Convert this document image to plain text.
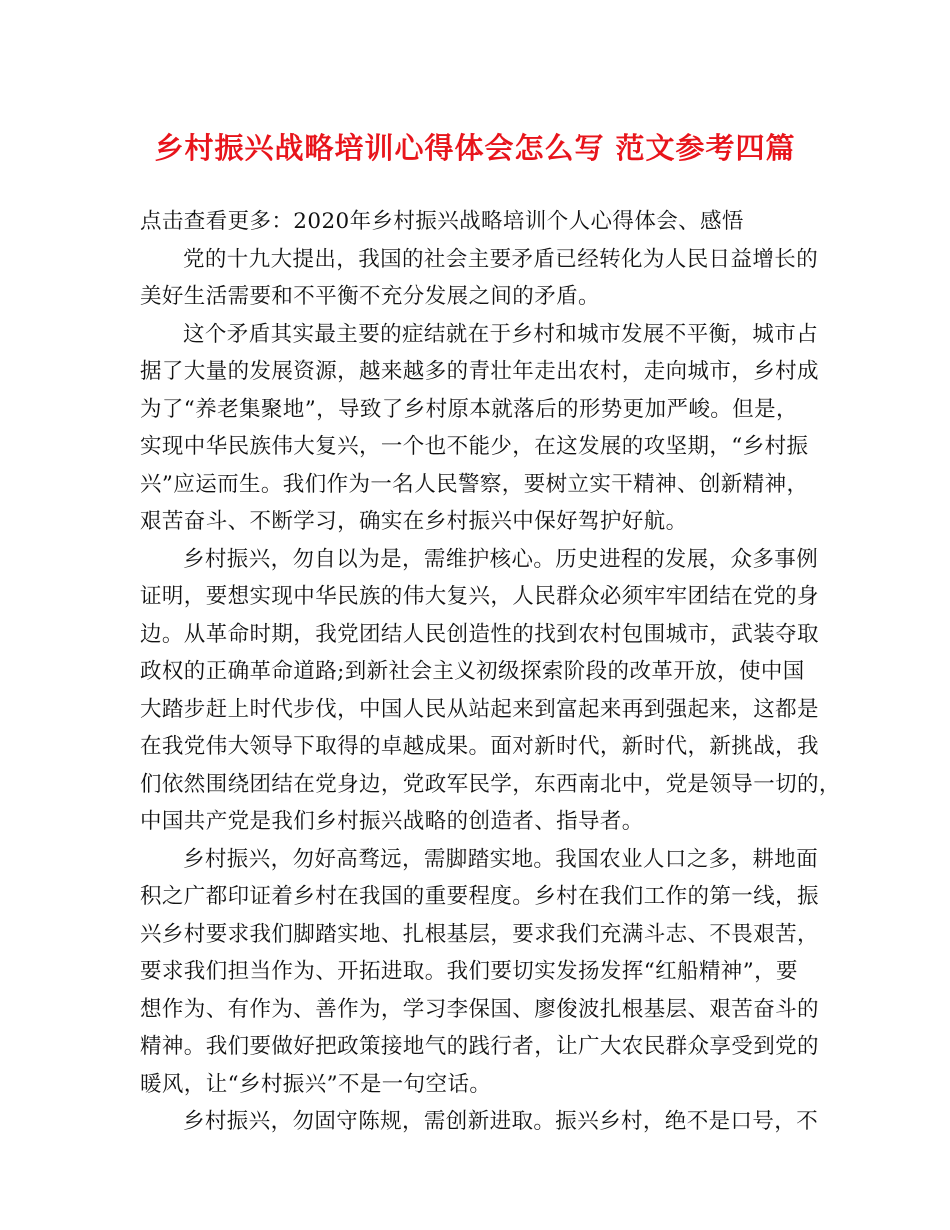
乡村振兴战略培训心得体会怎么写 范文参考四篇
点击查看更多：2020年乡村振兴战略培训个人心得体会、感悟
党的十九大提出，我国的社会主要矛盾已经转化为人民日益增长的
美好生活需要和不平衡不充分发展之间的矛盾。
这个矛盾其实最主要的症结就在于乡村和城市发展不平衡，城市占
据了大量的发展资源，越来越多的青壮年走出农村，走向城市，乡村成
为了“养老集聚地”，导致了乡村原本就落后的形势更加严峻。但是，
实现中华民族伟大复兴，一个也不能少，在这发展的攻坚期，“乡村振
兴”应运而生。我们作为一名人民警察，要树立实干精神、创新精神，
艰苦奋斗、不断学习，确实在乡村振兴中保好驾护好航。
乡村振兴，勿自以为是，需维护核心。历史进程的发展，众多事例
证明，要想实现中华民族的伟大复兴，人民群众必须牢牢团结在党的身
边。从革命时期，我党团结人民创造性的找到农村包围城市，武装夺取
政权的正确革命道路;到新社会主义初级探索阶段的改革开放，使中国
大踏步赶上时代步伐，中国人民从站起来到富起来再到强起来，这都是
在我党伟大领导下取得的卓越成果。面对新时代，新时代，新挑战，我
们依然围绕团结在党身边，党政军民学，东西南北中，党是领导一切的，
中国共产党是我们乡村振兴战略的创造者、指导者。
乡村振兴，勿好高骛远，需脚踏实地。我国农业人口之多，耕地面
积之广都印证着乡村在我国的重要程度。乡村在我们工作的第一线，振
兴乡村要求我们脚踏实地、扎根基层，要求我们充满斗志、不畏艰苦，
要求我们担当作为、开拓进取。我们要切实发扬发挥“红船精神”，要
想作为、有作为、善作为，学习李保国、廖俊波扎根基层、艰苦奋斗的
精神。我们要做好把政策接地气的践行者，让广大农民群众享受到党的
暖风，让“乡村振兴”不是一句空话。
乡村振兴，勿固守陈规，需创新进取。振兴乡村，绝不是口号，不
